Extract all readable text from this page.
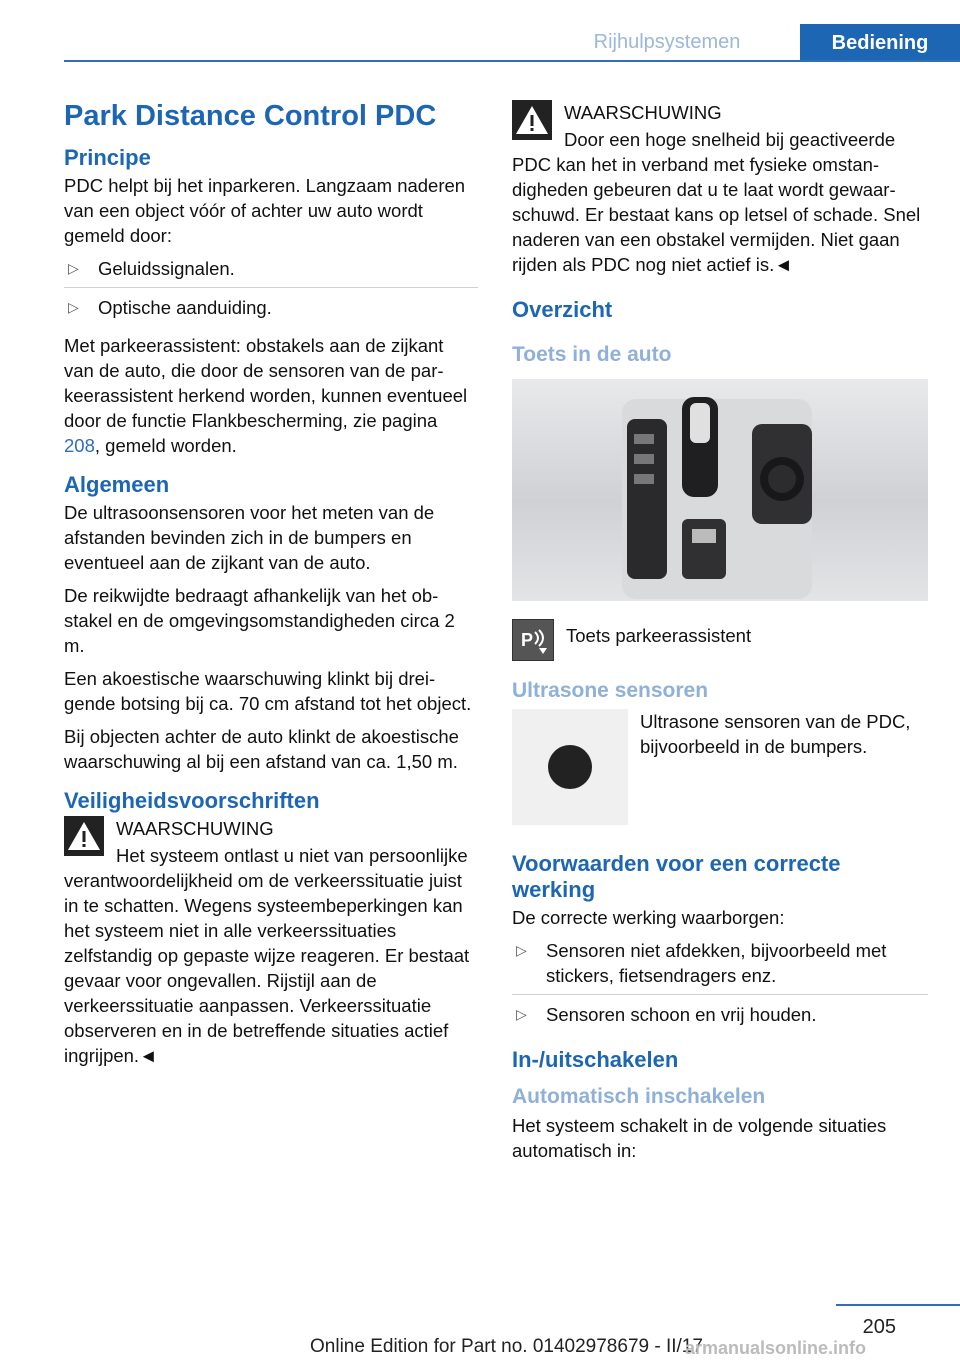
Rijhulpsystemen	Bediening
Park Distance Control PDC
Principe

PDC helpt bij het inparkeren. Langzaam naderen van een object vóór of achter uw auto wordt gemeld door:

▷ Geluidssignalen.
▷ Optische aanduiding.

Met parkeerassistent: obstakels aan de zijkant van de auto, die door de sensoren van de parkeerassistent herkend worden, kunnen eventueel door de functie Flankbescherming, zie pagina 208, gemeld worden.

Algemeen

De ultrasoonsensoren voor het meten van de afstanden bevinden zich in de bumpers en eventueel aan de zijkant van de auto.

De reikwijdte bedraagt afhankelijk van het obstakel en de omgevingsomstandigheden circa 2 m.

Een akoestische waarschuwing klinkt bij dreigende botsing bij ca. 70 cm afstand tot het object.

Bij objecten achter de auto klinkt de akoestische waarschuwing al bij een afstand van ca. 1,50 m.

Veiligheidsvoorschriften
WAARSCHUWING
Het systeem ontlast u niet van persoonlijke verantwoordelijkheid om de verkeerssituatie juist in te schatten. Wegens systeembeperkingen kan het systeem niet in alle verkeerssituaties zelfstandig op gepaste wijze reageren. Er bestaat gevaar voor ongevallen. Rijstijl aan de verkeerssituatie aanpassen. Verkeerssituatie observeren en in de betreffende situaties actief ingrijpen.◄
WAARSCHUWING
Door een hoge snelheid bij geactiveerde PDC kan het in verband met fysieke omstandigheden gebeuren dat u te laat wordt gewaarschuwd. Er bestaat kans op letsel of schade. Snel naderen van een obstakel vermijden. Niet gaan rijden als PDC nog niet actief is.◄
Overzicht
Toets in de auto
P Toets parkeerassistent
Ultrasone sensoren

Ultrasone sensoren van de PDC, bijvoorbeeld in de bumpers.

Voorwaarden voor een correcte werking

De correcte werking waarborgen:

▷ Sensoren niet afdekken, bijvoorbeeld met stickers, fietsendragers enz.
▷ Sensoren schoon en vrij houden.
In-/uitschakelen
Automatisch inschakelen

Het systeem schakelt in de volgende situaties automatisch in:

205
Online Edition for Part no. 01402978679 - II/17
armanualsonline.info
